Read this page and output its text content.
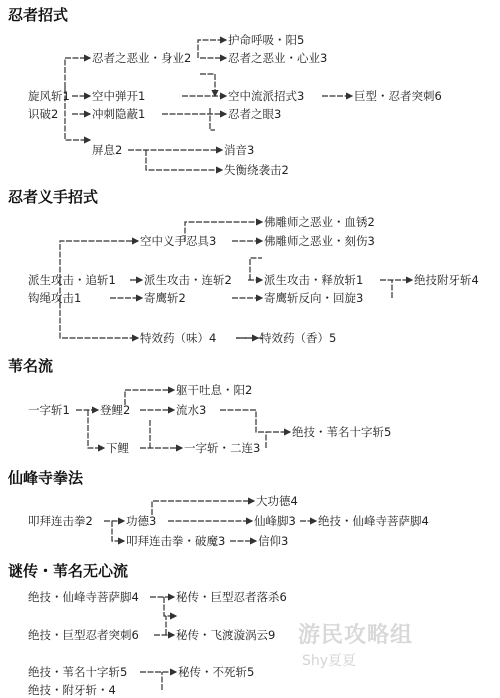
忍者招式
护命呼吸・阳5
忍者之恶业・身业2	忍者之恶业・心业3
旋风斩1 空中弹开1	空中流派招式3	巨型・忍者突刺6
识破2	冲刺隐蔽1	忍者之眼3
屏息2	消音3
失衡绕袭击2
忍者义手招式
佛雕师之恶业・血锈2
空中义手忍具3	佛雕师之恶业・刻伤3
派生攻击・追斩1 派生攻击・连斩2	派生攻击・释放斩1	绝技附牙斩4
钩绳攻击1	寄鹰斩2	寄鹰斩反向・回旋3
特效药（味）4	特效药（香）5
苇名流
躯干吐息・阳2
一字斩1	登鲤2	流水3
绝技・苇名十字斩5
下鲤	一字斩・二连3
仙峰寺拳法
大功德4
叩拜连击拳2	功德3	仙峰脚3 绝技・仙峰寺菩萨脚4
叩拜连击拳・破魔3	信仰3
谜传・苇名无心流
绝技・仙峰寺菩萨脚4	秘传・巨型忍者落杀6
绝技・巨型忍者突刺6	秘传・飞渡漩涡云9
绝技・苇名十字斩5	秘传・不死斩5
绝技・附牙斩・4
游民攻略组
Shy夏夏
